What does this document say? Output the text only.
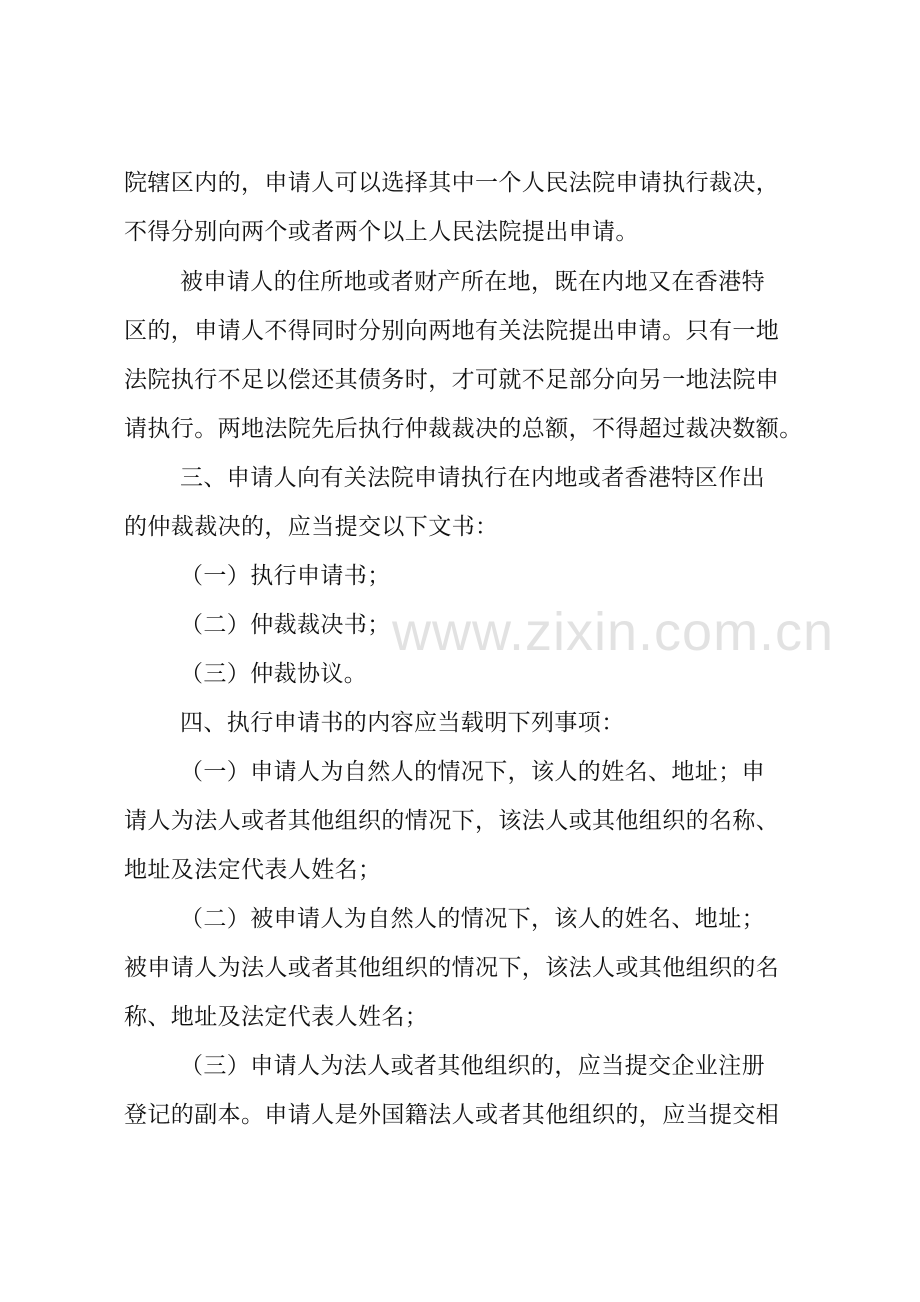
院辖区内的，申请人可以选择其中一个人民法院申请执行裁决，
不得分别向两个或者两个以上人民法院提出申请。
被申请人的住所地或者财产所在地，既在内地又在香港特
区的，申请人不得同时分别向两地有关法院提出申请。只有一地
法院执行不足以偿还其债务时，才可就不足部分向另一地法院申
请执行。两地法院先后执行仲裁裁决的总额，不得超过裁决数额。
三、申请人向有关法院申请执行在内地或者香港特区作出
的仲裁裁决的，应当提交以下文书：
（一）执行申请书；
（二）仲裁裁决书；
（三）仲裁协议。
四、执行申请书的内容应当载明下列事项：
（一）申请人为自然人的情况下，该人的姓名、地址；申
请人为法人或者其他组织的情况下，该法人或其他组织的名称、
地址及法定代表人姓名；
（二）被申请人为自然人的情况下，该人的姓名、地址；
被申请人为法人或者其他组织的情况下，该法人或其他组织的名
称、地址及法定代表人姓名；
（三）申请人为法人或者其他组织的，应当提交企业注册
登记的副本。申请人是外国籍法人或者其他组织的，应当提交相
www.zixin.com.cn
